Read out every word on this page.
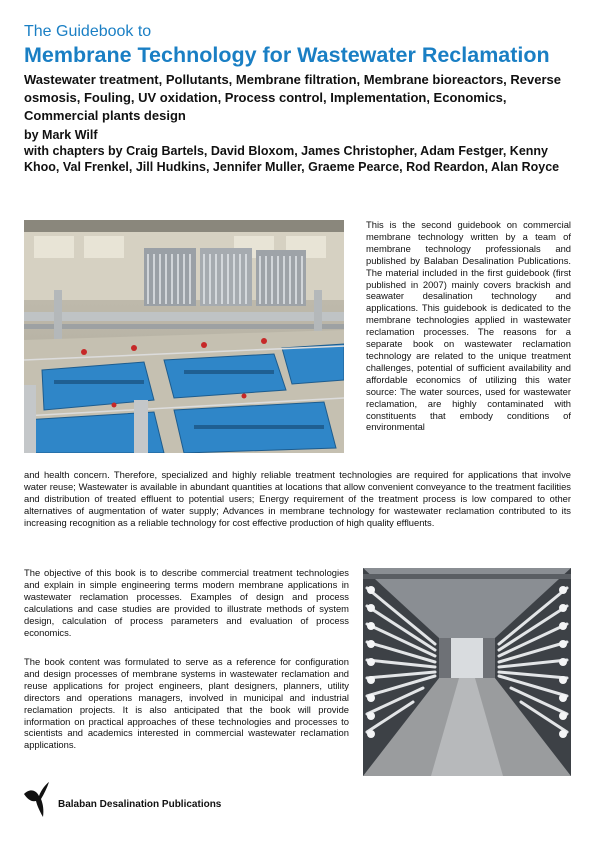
The Guidebook to
Membrane Technology for Wastewater Reclamation
Wastewater treatment, Pollutants, Membrane filtration, Membrane bioreactors, Reverse osmosis, Fouling, UV oxidation, Process control, Implementation, Economics, Commercial plants design
by Mark Wilf
with chapters by Craig Bartels, David Bloxom, James Christopher, Adam Festger, Kenny Khoo, Val Frenkel, Jill Hudkins, Jennifer Muller, Graeme Pearce, Rod Reardon, Alan Royce

This is the second guidebook on commercial membrane technology written by a team of membrane technology professionals and published by Balaban Desalination Publications. The material included in the first guidebook (first published in 2007) mainly covers brackish and seawater desalination technology and applications. This guidebook is dedicated to the membrane technologies applied in wastewater reclamation processes. The reasons for a separate book on wastewater reclamation technology are related to the unique treatment challenges, potential of sufficient availability and affordable economics of utilizing this water source: The water sources, used for wastewater reclamation, are highly contaminated with constituents that embody conditions of environmental

and health concern. Therefore, specialized and highly reliable treatment technologies are required for applications that involve water reuse; Wastewater is available in abundant quantities at locations that allow convenient conveyance to the treatment facilities and distribution of treated effluent to potential users; Energy requirement of the treatment process is low compared to other alternatives of augmentation of water supply; Advances in membrane technology for wastewater reclamation contributed to its increasing recognition as a reliable technology for cost effective production of high quality effluents.

The objective of this book is to describe commercial treatment technologies and explain in simple engineering terms modern membrane applications in wastewater reclamation processes. Examples of design and process calculations and case studies are provided to illustrate methods of system design, calculation of process parameters and evaluation of process economics.

The book content was formulated to serve as a reference for configuration and design processes of membrane systems in wastewater reclamation and reuse applications for project engineers, plant designers, planners, utility directors and operations managers, involved in municipal and industrial reclamation projects. It is also anticipated that the book will provide information on practical approaches of these technologies and processes to scientists and academics interested in commercial wastewater reclamation applications.

Balaban Desalination Publications
